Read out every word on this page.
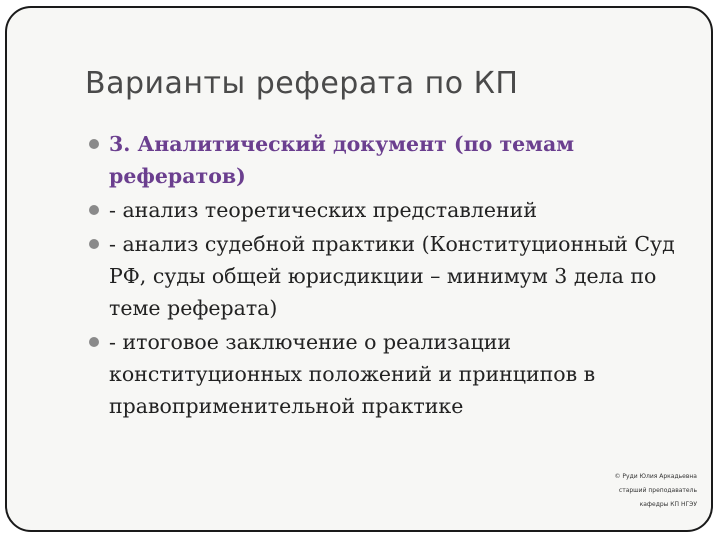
Варианты реферата по КП
3. Аналитический документ (по темам рефератов)
- анализ теоретических представлений
- анализ судебной практики (Конституционный Суд РФ, суды общей юрисдикции – минимум 3 дела по теме реферата)
- итоговое заключение о реализации конституционных положений и принципов в правоприменительной практике
© Руди Юлия Аркадьевна
старший преподаватель
кафедры КП НГЭУ
